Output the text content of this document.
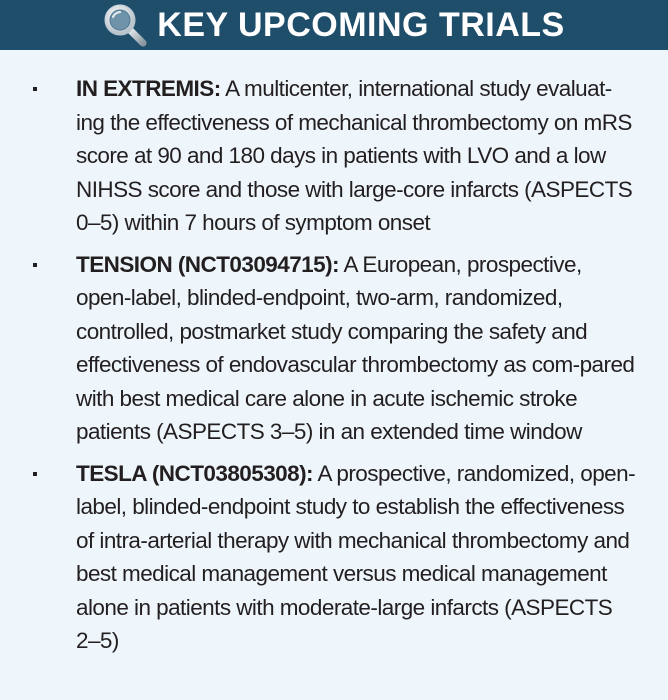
KEY UPCOMING TRIALS
IN EXTREMIS: A multicenter, international study evaluat-ing the effectiveness of mechanical thrombectomy on mRS score at 90 and 180 days in patients with LVO and a low NIHSS score and those with large-core infarcts (ASPECTS 0–5) within 7 hours of symptom onset
TENSION (NCT03094715): A European, prospective, open-label, blinded-endpoint, two-arm, randomized, controlled, postmarket study comparing the safety and effectiveness of endovascular thrombectomy as com-pared with best medical care alone in acute ischemic stroke patients (ASPECTS 3–5) in an extended time window
TESLA (NCT03805308): A prospective, randomized, open-label, blinded-endpoint study to establish the effectiveness of intra-arterial therapy with mechanical thrombectomy and best medical management versus medical management alone in patients with moderate-large infarcts (ASPECTS 2–5)
